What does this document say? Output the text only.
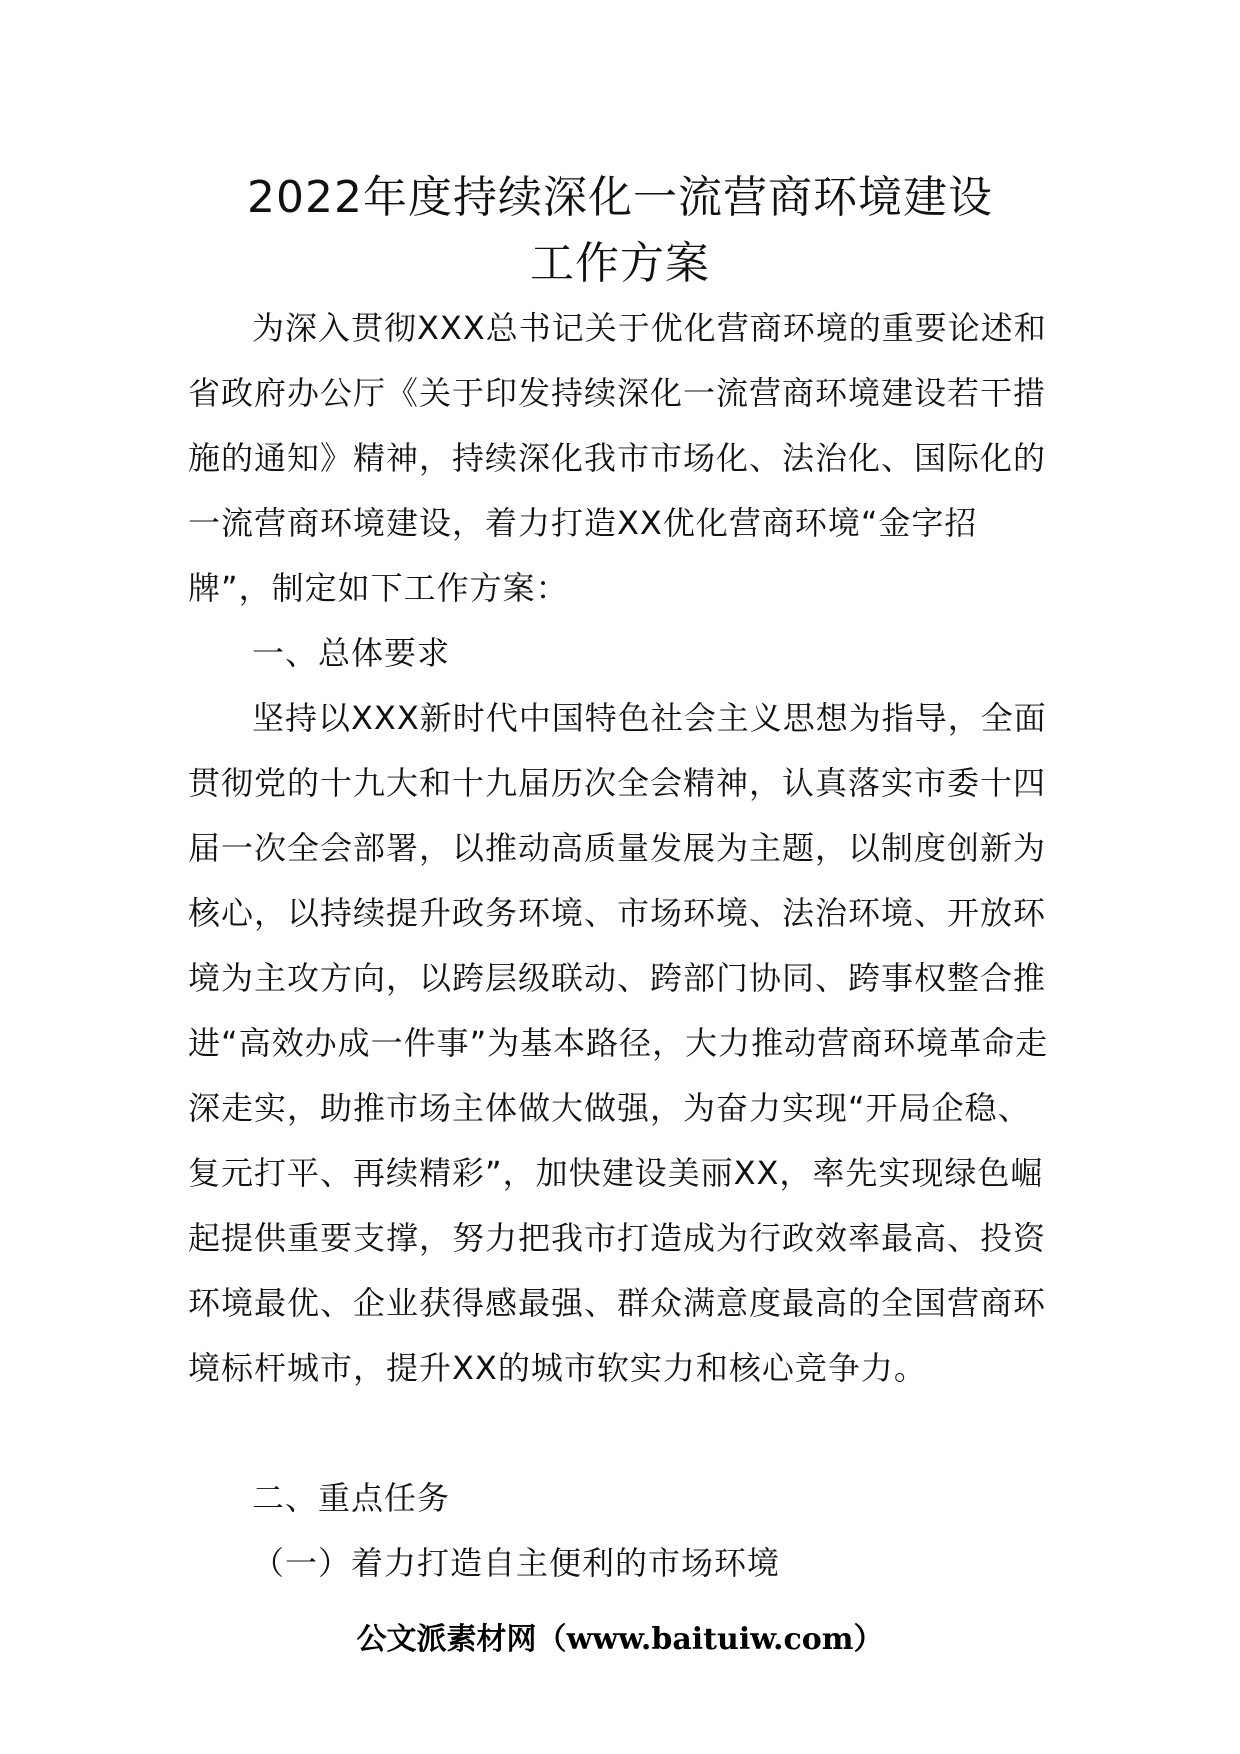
2022年度持续深化一流营商环境建设
工作方案

为深入贯彻XXX总书记关于优化营商环境的重要论述和省政府办公厅《关于印发持续深化一流营商环境建设若干措施的通知》精神，持续深化我市市场化、法治化、国际化的一流营商环境建设，着力打造XX优化营商环境“金字招牌”，制定如下工作方案：

一、总体要求

坚持以XXX新时代中国特色社会主义思想为指导，全面贯彻党的十九大和十九届历次全会精神，认真落实市委十四届一次全会部署，以推动高质量发展为主题，以制度创新为核心，以持续提升政务环境、市场环境、法治环境、开放环境为主攻方向，以跨层级联动、跨部门协同、跨事权整合推进“高效办成一件事”为基本路径，大力推动营商环境革命走深走实，助推市场主体做大做强，为奋力实现“开局企稳、复元打平、再续精彩”，加快建设美丽XX，率先实现绿色崛起提供重要支撑，努力把我市打造成为行政效率最高、投资环境最优、企业获得感最强、群众满意度最高的全国营商环境标杆城市，提升XX的城市软实力和核心竞争力。

二、重点任务

（一）着力打造自主便利的市场环境

公文派素材网（www.baituiw.com）
